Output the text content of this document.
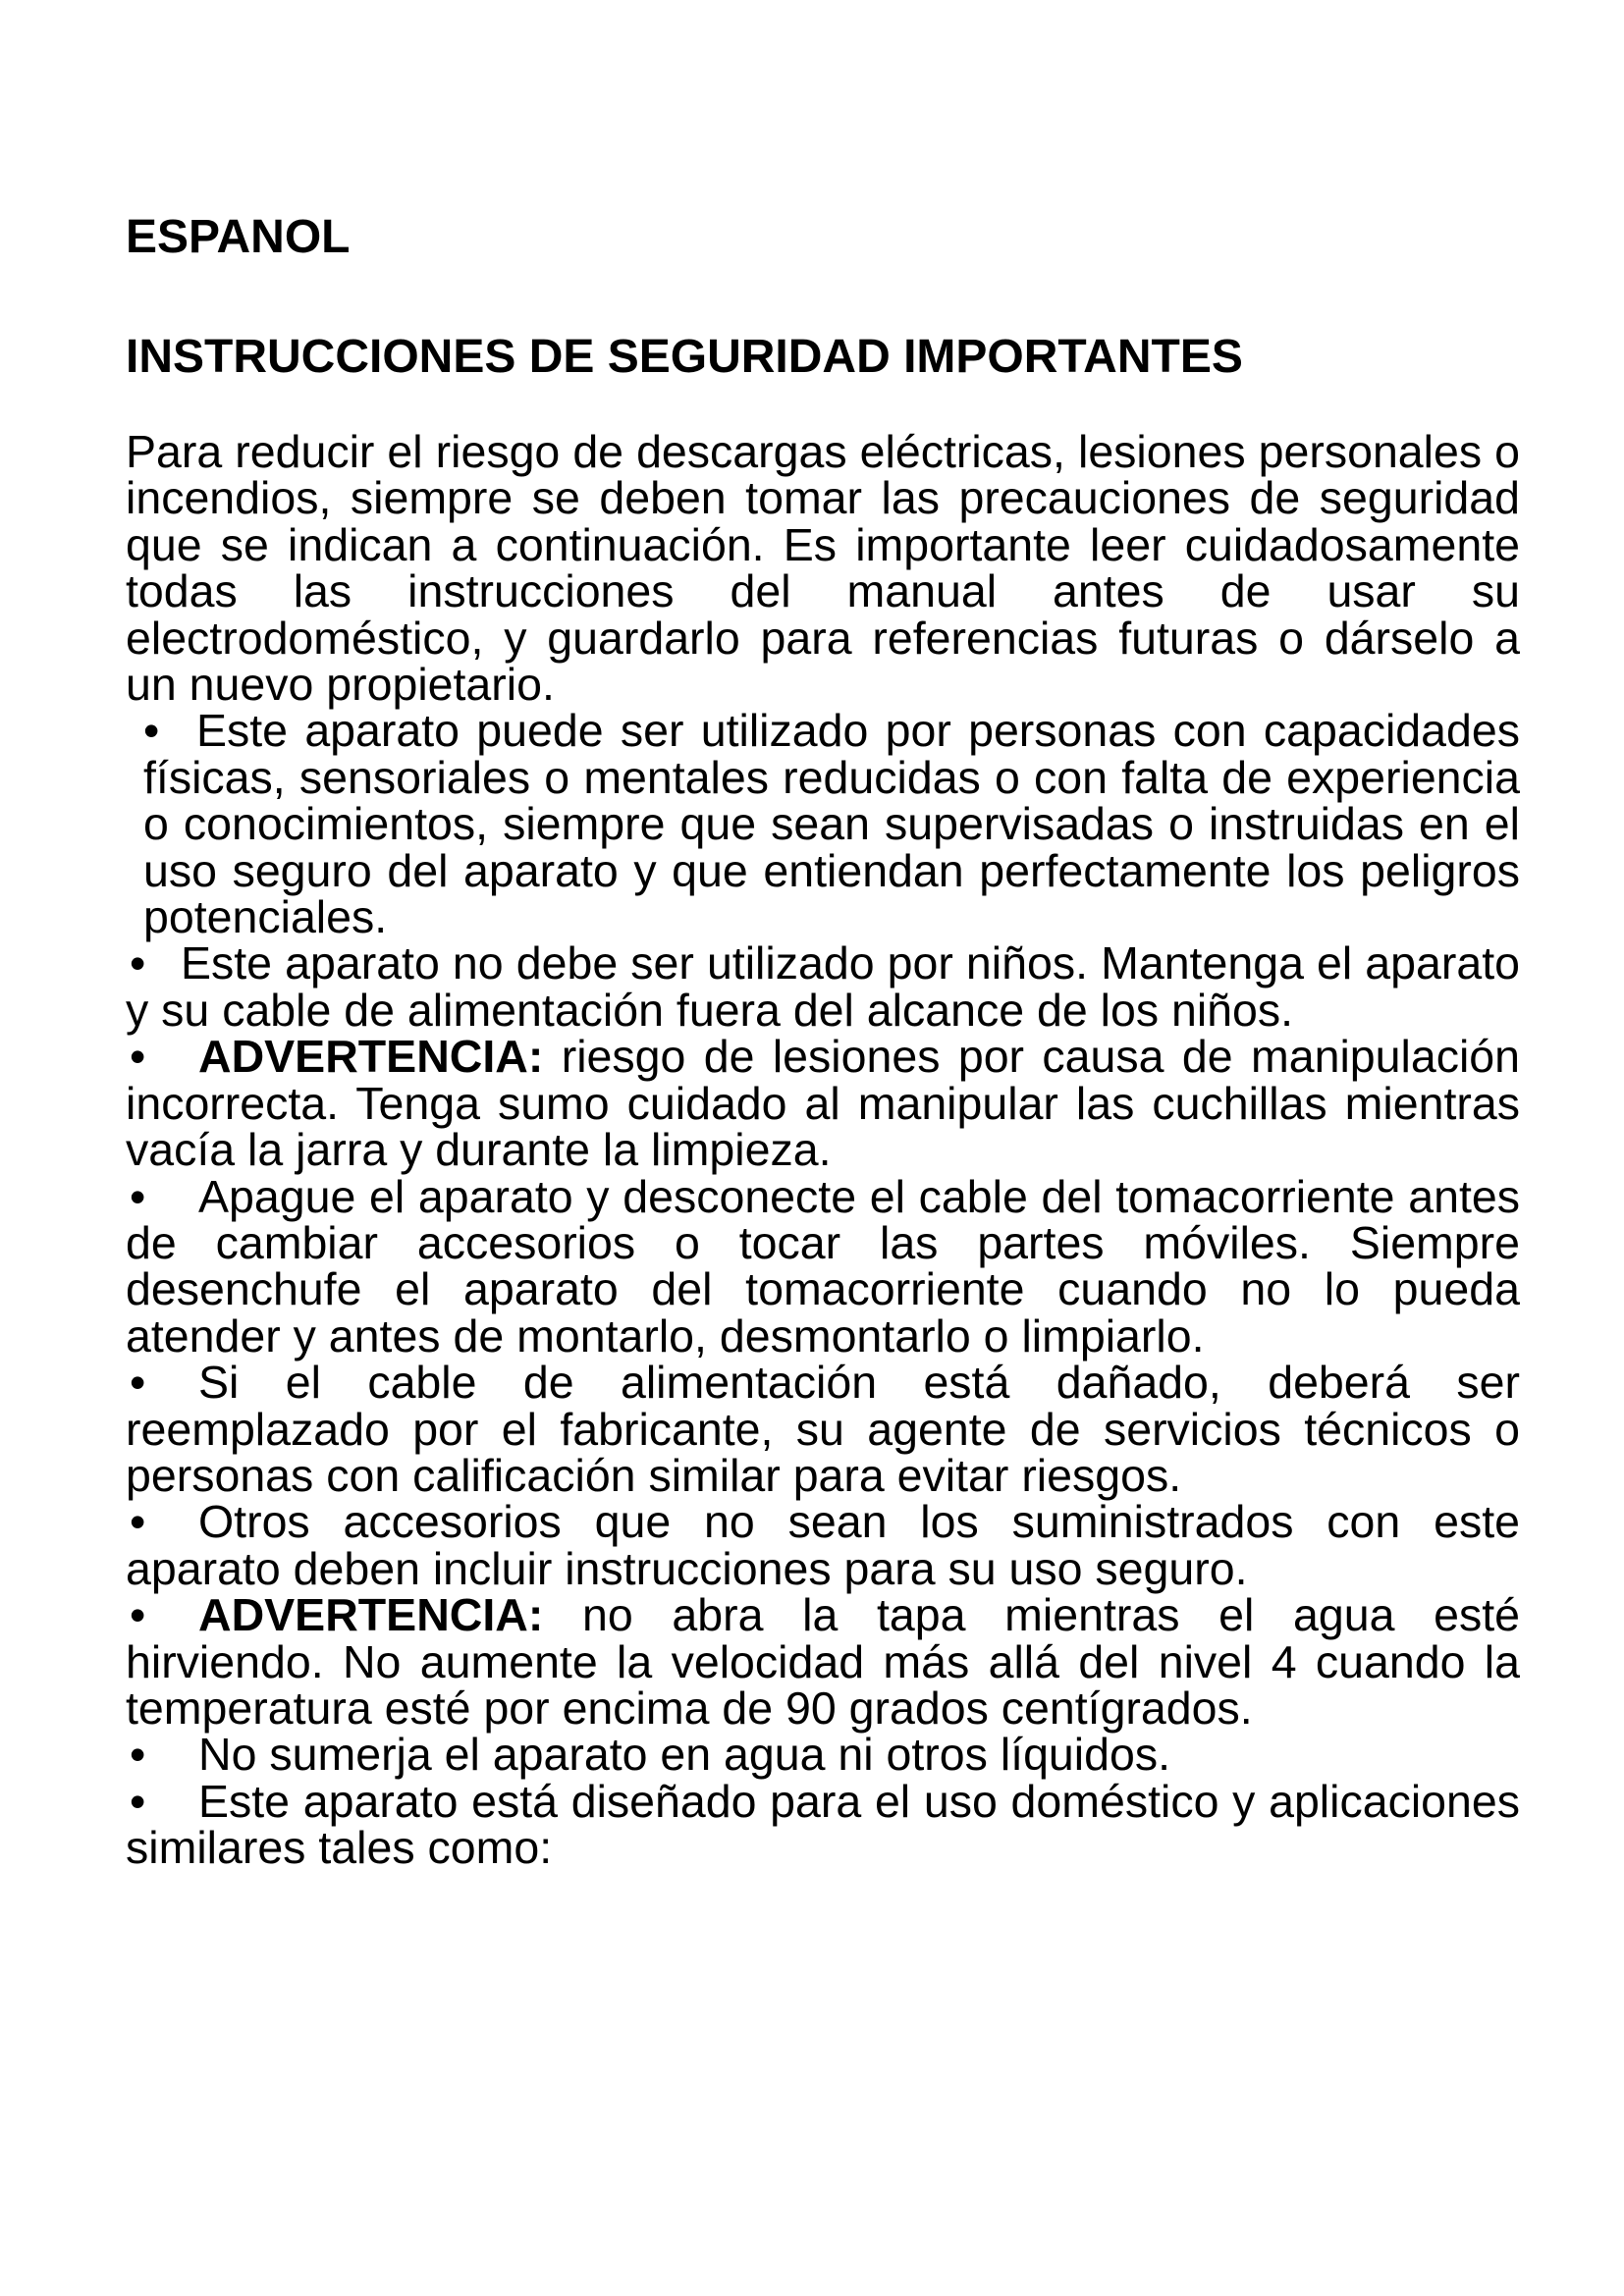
ESPANOL
INSTRUCCIONES DE SEGURIDAD IMPORTANTES

Para reducir el riesgo de descargas eléctricas, lesiones personales o incendios, siempre se deben tomar las precauciones de seguridad que se indican a continuación. Es importante leer cuidadosamente todas las instrucciones del manual antes de usar su electrodoméstico, y guardarlo para referencias futuras o dárselo a un nuevo propietario.

• Este aparato puede ser utilizado por personas con capacidades físicas, sensoriales o mentales reducidas o con falta de experiencia o conocimientos, siempre que sean supervisadas o instruidas en el uso seguro del aparato y que entiendan perfectamente los peligros potenciales.

• Este aparato no debe ser utilizado por niños. Mantenga el aparato y su cable de alimentación fuera del alcance de los niños.

• ADVERTENCIA: riesgo de lesiones por causa de manipulación incorrecta. Tenga sumo cuidado al manipular las cuchillas mientras vacía la jarra y durante la limpieza.

• Apague el aparato y desconecte el cable del tomacorriente antes de cambiar accesorios o tocar las partes móviles. Siempre desenchufe el aparato del tomacorriente cuando no lo pueda atender y antes de montarlo, desmontarlo o limpiarlo.

• Si el cable de alimentación está dañado, deberá ser reemplazado por el fabricante, su agente de servicios técnicos o personas con calificación similar para evitar riesgos.

• Otros accesorios que no sean los suministrados con este aparato deben incluir instrucciones para su uso seguro.

• ADVERTENCIA: no abra la tapa mientras el agua esté hirviendo. No aumente la velocidad más allá del nivel 4 cuando la temperatura esté por encima de 90 grados centígrados.

• No sumerja el aparato en agua ni otros líquidos.

• Este aparato está diseñado para el uso doméstico y aplicaciones similares tales como:
